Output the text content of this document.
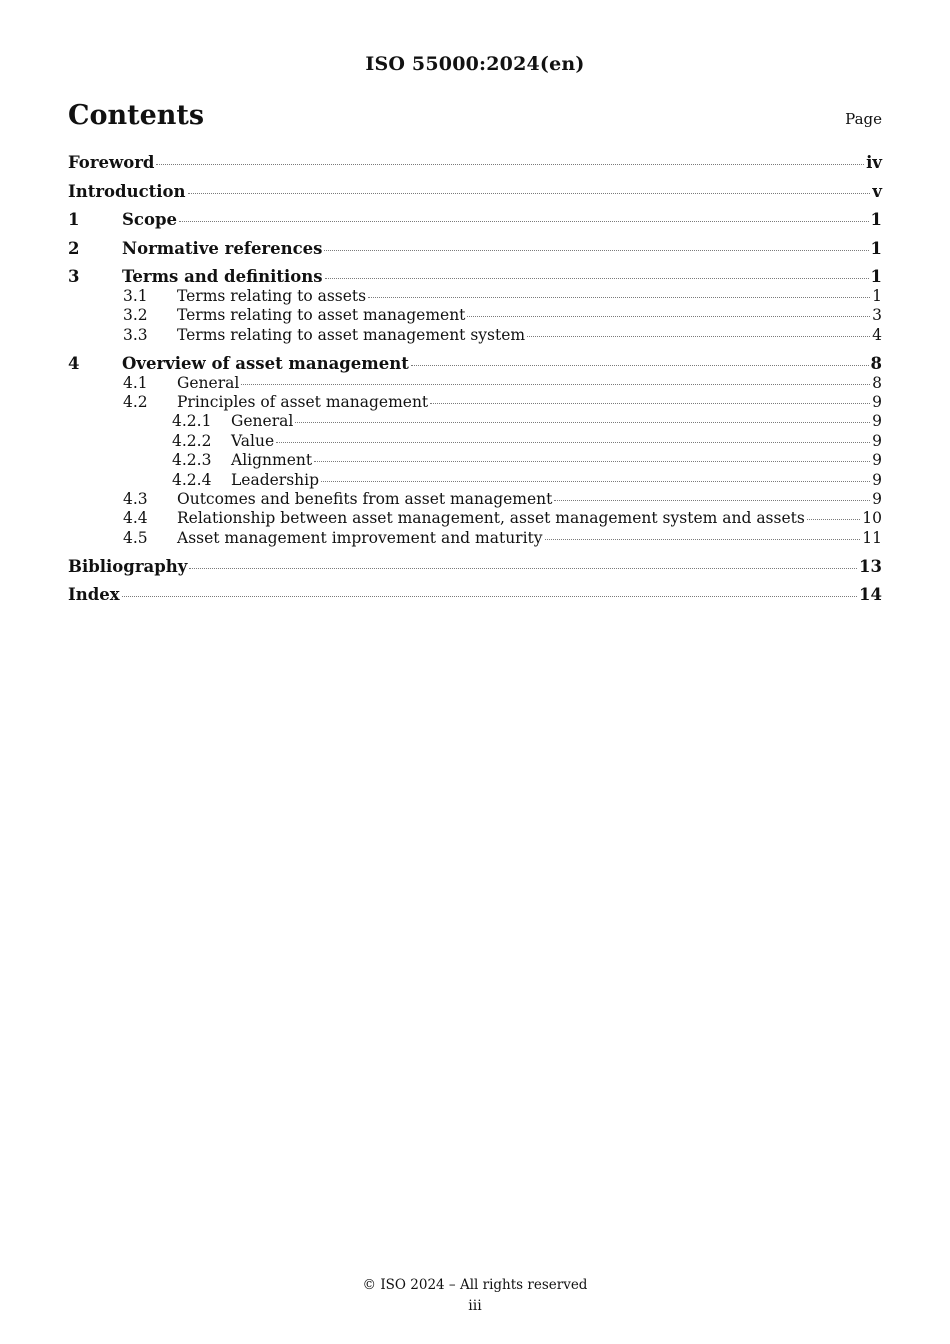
ISO 55000:2024(en)
Contents	Page
Foreword	iv
Introduction	v
1	Scope	1
2	Normative references	1
3	Terms and definitions	1
3.1	Terms relating to assets	1
3.2	Terms relating to asset management	3
3.3	Terms relating to asset management system	4
4	Overview of asset management	8
4.1	General	8
4.2	Principles of asset management	9
4.2.1	General	9
4.2.2	Value	9
4.2.3	Alignment	9
4.2.4	Leadership	9
4.3	Outcomes and benefits from asset management	9
4.4	Relationship between asset management, asset management system and assets	10
4.5	Asset management improvement and maturity	11
Bibliography	13
Index	14
© ISO 2024 – All rights reserved
iii
